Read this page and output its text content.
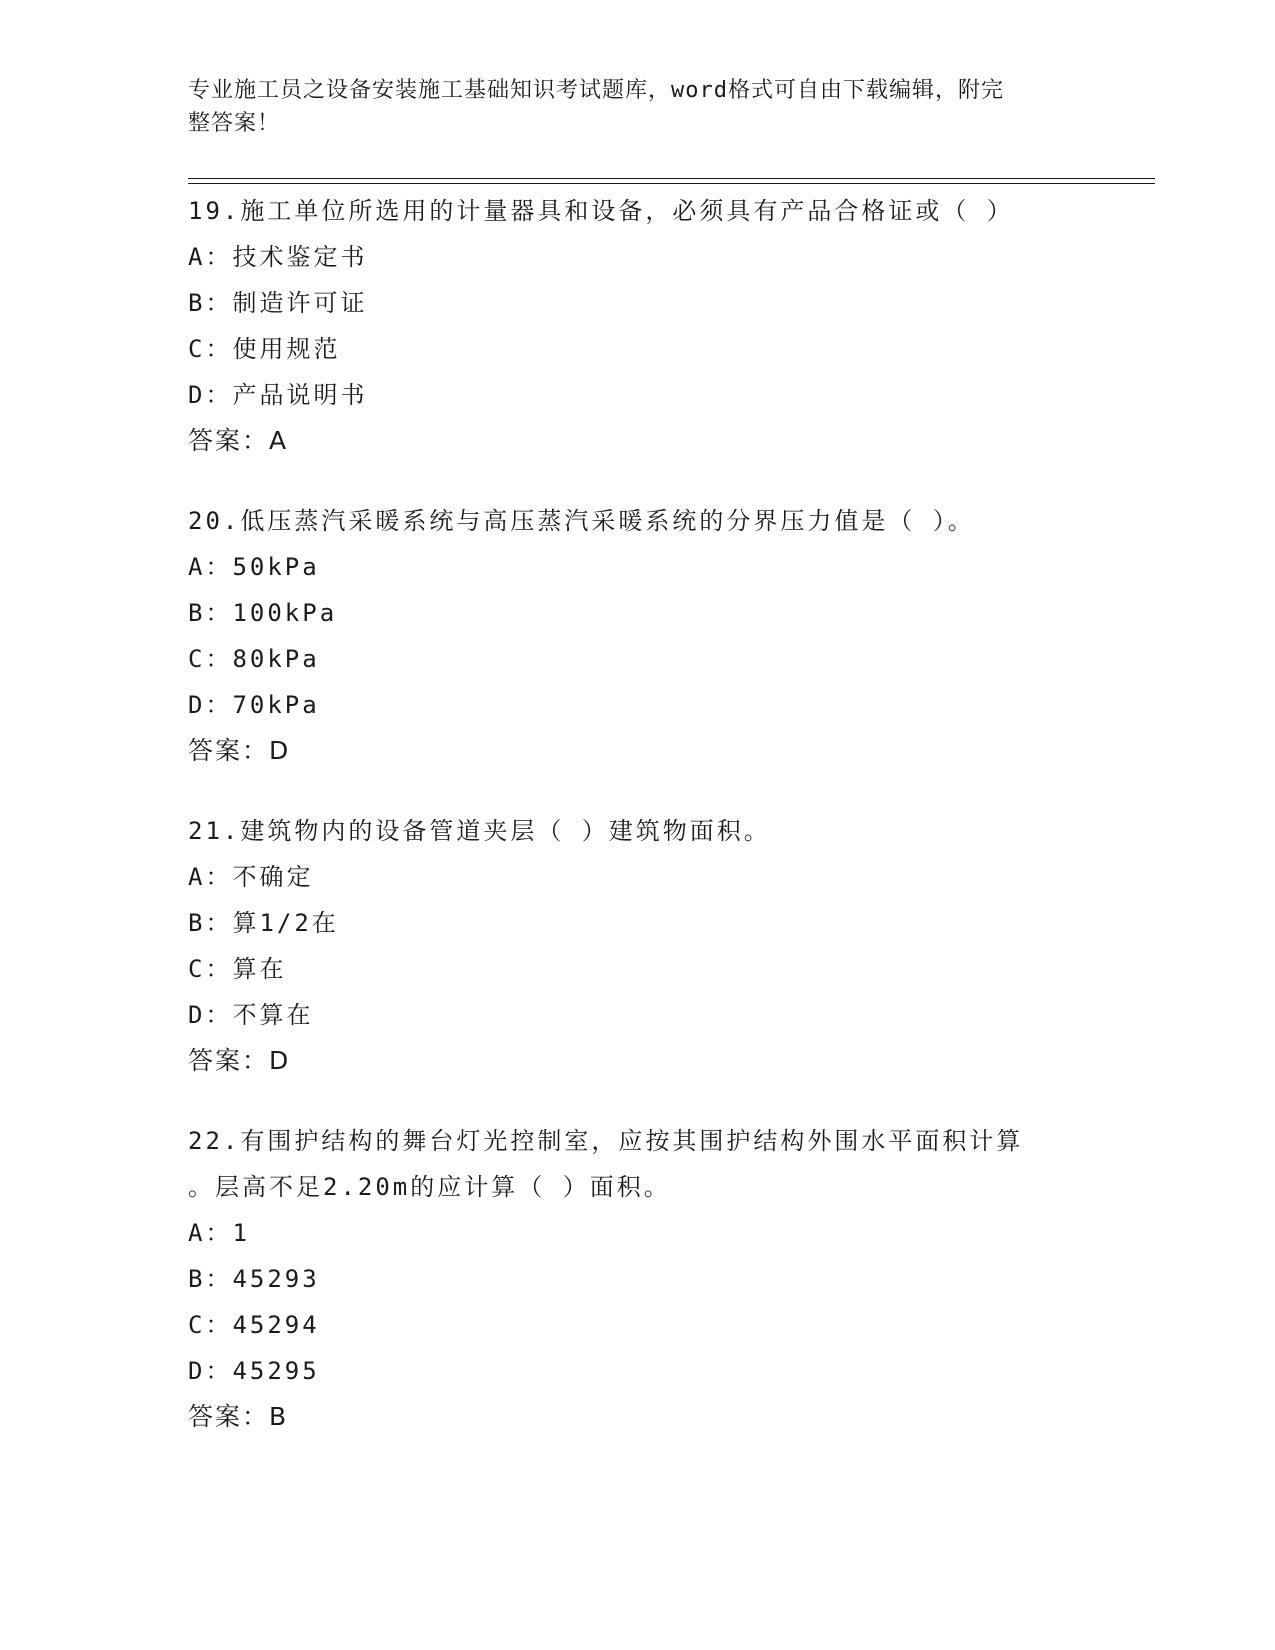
专业施工员之设备安装施工基础知识考试题库，word格式可自由下载编辑，附完
整答案！
19.施工单位所选用的计量器具和设备，必须具有产品合格证或（ ）
A：技术鉴定书
B：制造许可证
C：使用规范
D：产品说明书
答案：A
20.低压蒸汽采暖系统与高压蒸汽采暖系统的分界压力值是（ ）。
A：50kPa
B：100kPa
C：80kPa
D：70kPa
答案：D
21.建筑物内的设备管道夹层（ ）建筑物面积。
A：不确定
B：算1/2在
C：算在
D：不算在
答案：D
22.有围护结构的舞台灯光控制室，应按其围护结构外围水平面积计算
。层高不足2.20m的应计算（ ）面积。
A：1
B：45293
C：45294
D：45295
答案：B
